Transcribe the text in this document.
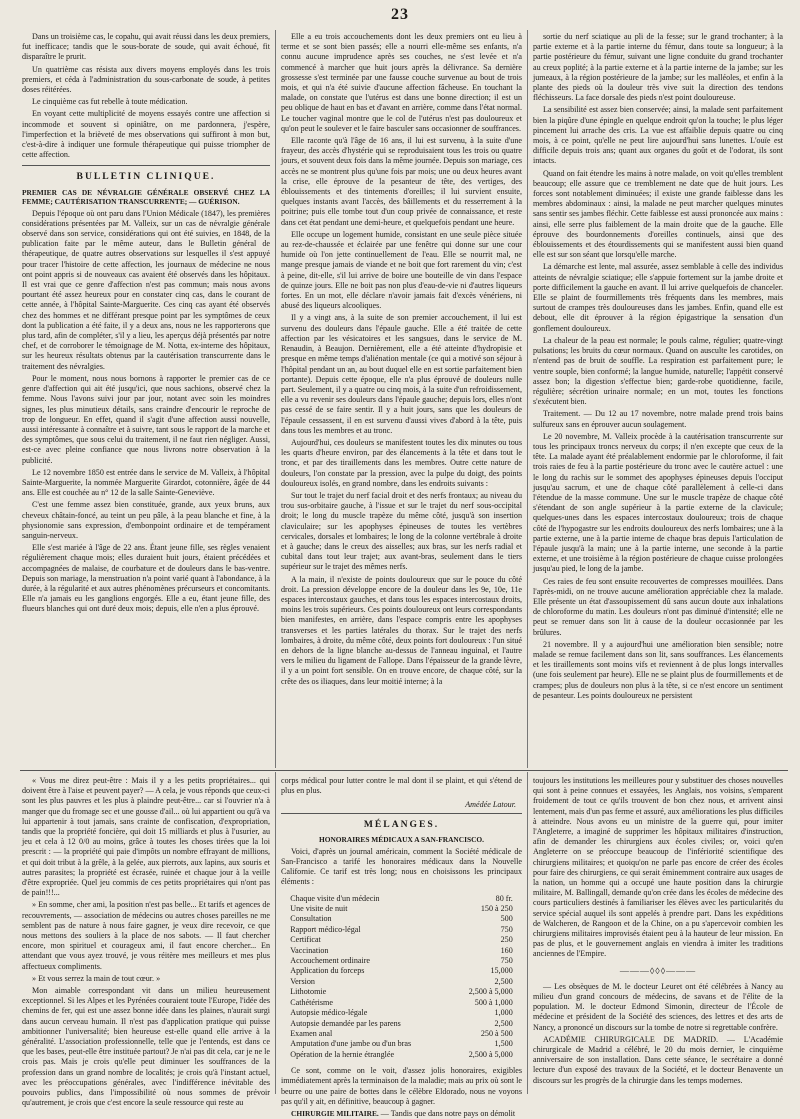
23

Dans un troisième cas, le copahu, qui avait réussi dans les deux premiers, fut inefficace; tandis que le sous-borate de soude, qui avait échoué, fit disparaître le prurit.

Un quatrième cas résista aux divers moyens employés dans les trois premiers, et céda à l'administration du sous-carbonate de soude, à petites doses réitérées.

Le cinquième cas fut rebelle à toute médication.

En voyant cette multiplicité de moyens essayés contre une affection si incommode et souvent si opiniâtre, on me pardonnera, j'espère, l'imperfection et la brièveté de mes observations qui suffiront à mon but, c'est-à-dire à indiquer une formule thérapeutique qui puisse triompher de cette affection.

BULLETIN CLINIQUE.
PREMIER CAS DE NÉVRALGIE GÉNÉRALE OBSERVÉ CHEZ LA FEMME; CAUTÉRISATION TRANSCURRENTE; — GUÉRISON.

Depuis l'époque où ont paru dans l'Union Médicale (1847), les premières considérations présentées par M. Valleix, sur un cas de névralgie générale observé dans son service, considérations qui ont été suivies, en 1848, de la publication faite par le même auteur, dans le Bulletin général de thérapeutique, de quatre autres observations sur lesquelles il s'est appuyé pour tracer l'histoire de cette affection, les journaux de médecine ne nous ont point appris si de nouveaux cas avaient été observés dans les hôpitaux. Il est vrai que ce genre d'affection n'est pas commun; mais nous avons pourtant été assez heureux pour en constater cinq cas, dans le courant de cette année, à l'hôpital Sainte-Marguerite. Ces cinq cas ayant été observés chez des hommes et ne différant presque point par les symptômes de ceux dont la publication a été faite, il y a deux ans, nous ne les rapporterons que plus tard, afin de compléter, s'il y a lieu, les aperçus déjà présentés par notre chef, et de corroborer le témoignage de M. Notta, ex-interne des hôpitaux, sur les heureux résultats obtenus par la cautérisation transcurrente dans le traitement des névralgies.

Pour le moment, nous nous bornons à rapporter le premier cas de ce genre d'affection qui ait été jusqu'ici, que nous sachions, observé chez la femme. Nous l'avons suivi jour par jour, notant avec soin les moindres signes, les plus minutieux détails, sans craindre d'encourir le reproche de trop de longueur. En effet, quand il s'agit d'une affection aussi nouvelle, aussi intéressante à connaître et à suivre, tant sous le rapport de la marche et des symptômes, que sous celui du traitement, il ne faut rien négliger. Aussi, est-ce avec pleine confiance que nous livrons notre observation à la publicité.

Le 12 novembre 1850 est entrée dans le service de M. Valleix, à l'hôpital Sainte-Marguerite, la nommée Marguerite Girardot, cotonnière, âgée de 44 ans. Elle est couchée au n° 12 de la salle Sainte-Geneviève.

C'est une femme assez bien constituée, grande, aux yeux bruns, aux cheveux châtain-foncé, au teint un peu pâle, à la peau blanche et fine, à la physionomie sans expression, d'embonpoint ordinaire et de tempérament sanguin-nerveux.

Elle s'est mariée à l'âge de 22 ans. Étant jeune fille, ses règles venaient régulièrement chaque mois; elles duraient huit jours, étaient précédées et accompagnées de malaise, de courbature et de douleurs dans le bas-ventre. Depuis son mariage, la menstruation n'a point varié quant à l'abondance, à la durée, à la régularité et aux autres phénomènes précurseurs et concomitants. Elle n'a jamais eu les ganglions engorgés. Elle a eu, étant jeune fille, des flueurs blanches qui ont duré deux mois; depuis, elle n'en a plus éprouvé.

Elle a eu trois accouchements dont les deux premiers ont eu lieu à terme et se sont bien passés; elle a nourri elle-même ses enfants, n'a connu aucune imprudence après ses couches, ne s'est levée et n'a commencé à marcher que huit jours après la délivrance. Sa dernière grossesse s'est terminée par une fausse couche survenue au bout de trois mois, et qui n'a été suivie d'aucune affection fâcheuse. En touchant la malade, on constate que l'utérus est dans une bonne direction; il est un peu oblique de haut en bas et d'avant en arrière, comme dans l'état normal. Le toucher vaginal montre que le col de l'utérus n'est pas douloureux et qu'on peut le soulever et le faire basculer sans occasionner de souffrances.

Elle raconte qu'à l'âge de 16 ans, il lui est survenu, à la suite d'une frayeur, des accès d'hystérie qui se reproduisaient tous les trois ou quatre jours, et souvent deux fois dans la même journée. Depuis son mariage, ces accès ne se montrent plus qu'une fois par mois; une ou deux heures avant la crise, elle éprouve de la pesanteur de tête, des vertiges, des éblouissements et des tintements d'oreilles; il lui survient ensuite, quelques instants avant l'accès, des bâillements et du resserrement à la poitrine; puis elle tombe tout d'un coup privée de connaissance, et reste dans cet état pendant une demi-heure, et quelquefois pendant une heure.

Elle occupe un logement humide, consistant en une seule pièce située au rez-de-chaussée et éclairée par une fenêtre qui donne sur une cour humide où l'on jette continuellement de l'eau. Elle se nourrit mal, ne mange presque jamais de viande et ne boit que fort rarement du vin; c'est à peine, dit-elle, s'il lui arrive de boire une bouteille de vin dans l'espace de quinze jours. Elle ne boit pas non plus d'eau-de-vie ni d'autres liqueurs fortes. En un mot, elle déclare n'avoir jamais fait d'excès vénériens, ni abusé des liqueurs alcooliques.

Il y a vingt ans, à la suite de son premier accouchement, il lui est survenu des douleurs dans l'épaule gauche. Elle a été traitée de cette affection par les vésicatoires et les sangsues, dans le service de M. Renaudin, à Beaujon. Dernièrement, elle a été atteinte d'hydropisie et presque en même temps d'aliénation mentale (ce qui a motivé son séjour à l'hôpital pendant un an, au bout duquel elle en est sortie parfaitement bien portante). Depuis cette époque, elle n'a plus éprouvé de douleurs nulle part. Seulement, il y a quatre ou cinq mois, à la suite d'un refroidissement, elle a vu revenir ses douleurs dans l'épaule gauche; depuis lors, elles n'ont pas cessé de se faire sentir. Il y a huit jours, sans que les douleurs de l'épaule cessassent, il en est survenu d'aussi vives d'abord à la tête, puis dans tous les membres et au tronc.

Aujourd'hui, ces douleurs se manifestent toutes les dix minutes ou tous les quarts d'heure environ, par des élancements à la tête et dans tout le tronc, et par des tiraillements dans les membres. Outre cette nature de douleurs, l'on constate par la pression, avec la pulpe du doigt, des points douloureux isolés, en grand nombre, dans les endroits suivants :

Sur tout le trajet du nerf facial droit et des nerfs frontaux; au niveau du trou sus-orbitaire gauche, à l'issue et sur le trajet du nerf sous-occipital droit; le long du muscle trapèze du même côté, jusqu'à son insertion claviculaire; sur les apophyses épineuses de toutes les vertèbres cervicales, dorsales et lombaires; le long de la colonne vertébrale à droite et à gauche; dans le creux des aisselles; aux bras, sur les nerfs radial et cubital dans tout leur trajet; aux avant-bras, seulement dans le tiers supérieur sur le trajet des mêmes nerfs.

A la main, il n'existe de points douloureux que sur le pouce du côté droit. La pression développe encore de la douleur dans les 9e, 10e, 11e espaces intercostaux gauches, et dans tous les espaces intercostaux droits, moins les trois supérieurs. Ces points douloureux ont leurs correspondants bien manifestes, en arrière, dans l'espace compris entre les apophyses transverses et les parties latérales du thorax. Sur le trajet des nerfs lombaires, à droite, du même côté, deux points fort douloureux : l'un situé en dehors de la ligne blanche au-dessus de l'anneau inguinal, et l'autre vers le milieu du ligament de Fallope. Dans l'épaisseur de la grande lèvre, il y a un point fort sensible. On en trouve encore, de chaque côté, sur la crête des os iliaques, dans leur moitié interne; à la

sortie du nerf sciatique au pli de la fesse; sur le grand trochanter; à la partie externe et à la partie interne du fémur, dans toute sa longueur; à la partie postérieure du fémur, suivant une ligne conduite du grand trochanter au creux poplité; à la partie externe et à la partie interne de la jambe; sur les jumeaux, à la région postérieure de la jambe; sur les malléoles, et enfin à la plante des pieds où la douleur très vive suit la direction des tendons fléchisseurs. La face dorsale des pieds n'est point douloureuse.

La sensibilité est assez bien conservée; ainsi, la malade sent parfaitement bien la piqûre d'une épingle en quelque endroit qu'on la touche; le plus léger pincement lui arrache des cris. La vue est affaiblie depuis quatre ou cinq mois, à ce point, qu'elle ne peut lire aujourd'hui sans lunettes. L'ouïe est difficile depuis trois ans; quant aux organes du goût et de l'odorat, ils sont intacts.

Quand on fait étendre les mains à notre malade, on voit qu'elles tremblent beaucoup; elle assure que ce tremblement ne date que de huit jours. Les forces sont notablement diminuées; il existe une grande faiblesse dans les membres abdominaux : ainsi, la malade ne peut marcher quelques minutes sans sentir ses jambes fléchir. Cette faiblesse est aussi prononcée aux mains : ainsi, elle serre plus faiblement de la main droite que de la gauche. Elle éprouve des bourdonnements d'oreilles continuels, ainsi que des éblouissements et des étourdissements qui se manifestent aussi bien quand elle est sur son séant que lorsqu'elle marche.

La démarche est lente, mal assurée, assez semblable à celle des individus atteints de névralgie sciatique; elle s'appuie fortement sur la jambe droite et porte difficilement la gauche en avant. Il lui arrive quelquefois de chanceler. Elle se plaint de fourmillements très fréquents dans les membres, mais surtout de crampes très douloureuses dans les jambes. Enfin, quand elle est debout, elle dit éprouver à la région épigastrique la sensation d'un gonflement douloureux.

La chaleur de la peau est normale; le pouls calme, régulier; quatre-vingt pulsations; les bruits du cœur normaux. Quand on ausculte les carotides, on n'entend pas de bruit de souffle. La respiration est parfaitement pure; le ventre souple, bien conformé; la langue humide, naturelle; l'appétit conservé assez bon; la digestion s'effectue bien; garde-robe quotidienne, facile, régulière; sécrétion urinaire normale; en un mot, toutes les fonctions s'exécutent bien.

Traitement. — Du 12 au 17 novembre, notre malade prend trois bains sulfureux sans en éprouver aucun soulagement.

Le 20 novembre, M. Valleix procède à la cautérisation transcurrente sur tous les principaux troncs nerveux du corps; il n'en excepte que ceux de la tête. La malade ayant été préalablement endormie par le chloroforme, il fait trois raies de feu à la partie postérieure du tronc avec le cautère actuel : une le long du rachis sur le sommet des apophyses épineuses depuis l'occiput jusqu'au sacrum, et une de chaque côté parallèlement à celle-ci dans l'étendue de la masse commune. Une sur le muscle trapèze de chaque côté s'étendant de son angle supérieur à la partie externe de la clavicule; quelques-unes dans les espaces intercostaux douloureux; trois de chaque côté de l'hypogastre sur les endroits douloureux des nerfs lombaires; une à la partie externe, une à la partie interne de chaque bras depuis l'articulation de l'épaule jusqu'à la main; une à la partie interne, une seconde à la partie externe, et une troisième à la région postérieure de chaque cuisse prolongées jusqu'au pied, le long de la jambe.

Ces raies de feu sont ensuite recouvertes de compresses mouillées. Dans l'après-midi, on ne trouve aucune amélioration appréciable chez la malade. Elle présente un état d'assoupissement dû sans aucun doute aux inhalations de chloroforme du matin. Les douleurs n'ont pas diminué d'intensité; elle ne peut se remuer dans son lit à cause de la douleur occasionnée par les brûlures.

21 novembre. Il y a aujourd'hui une amélioration bien sensible; notre malade se remue facilement dans son lit, sans souffrances. Les élancements et les tiraillements sont moins vifs et reviennent à de plus longs intervalles (une fois seulement par heure). Elle ne se plaint plus de fourmillements et de crampes; plus de douleurs non plus à la tête, si ce n'est encore un sentiment de pesanteur. Les points douloureux ne persistent

« Vous me direz peut-être : Mais il y a les petits propriétaires... qui doivent être à l'aise et peuvent payer? — A cela, je vous réponds que ceux-ci sont les plus pauvres et les plus à plaindre peut-être... car si l'ouvrier n'a à manger que du fromage sec et une gousse d'ail... où lui appartient ou qu'à va lui appartenir à tout jamais, sans crainte de confiscation, d'expropriation, tandis que la propriété foncière, qui doit 15 milliards et plus à l'usurier, au jeu et cela à 12 0/0 au moins, grâce à toutes les choses tirées que la loi prescrit : — la propriété qui paie d'impôts un nombre effrayant de millions, et qui doit tribut à la grêle, à la gelée, aux pierrots, aux lapins, aux souris et autres parasites; la propriété est écrasée, ruinée et chaque jour à la veille d'être expropriée. Quel jeu commis de ces petits propriétaires qui n'ont pas de pain!!!...

» En somme, cher ami, la position n'est pas belle... Et tarifs et agences de recouvrements, — association de médecins ou autres choses pareilles ne me semblent pas de nature à nous faire gagner, je veux dire recevoir, ce que nous mettons des souliers à la place de nos sabots. — Il faut chercher encore, mon spirituel et courageux ami, il faut encore chercher... En attendant que vous ayez trouvé, je vous réitère mes meilleurs et mes plus affectueux compliments.

» Et vous serrez la main de tout cœur. »

Mon aimable correspondant vit dans un milieu heureusement exceptionnel. Si les Alpes et les Pyrénées couraient toute l'Europe, l'idée des chemins de fer, qui est une assez bonne idée dans les plaines, n'aurait surgi dans aucun cerveau humain. Il n'est pas d'application pratique qui puisse ambitionner l'universalité; bien heureuse est-elle quand elle arrive à la généralité. L'association professionnelle, telle que je l'entends, est dans ce que les bases, peut-elle être instituée partout? Je n'ai pas dit cela, car je ne le crois pas. Mais je crois qu'elle peut diminuer les souffrances de la profession dans un grand nombre de localités; je crois qu'à l'instant actuel, avec les préoccupations générales, avec l'indifférence inévitable des pouvoirs publics, dans l'impossibilité où nous sommes de prévoir qu'autrement, je crois que c'est encore la seule ressource qui reste au

corps médical pour lutter contre le mal dont il se plaint, et qui s'étend de plus en plus.

Amédée Latour.
MÉLANGES.
HONORAIRES MÉDICAUX A SAN-FRANCISCO.

Voici, d'après un journal américain, comment la Société médicale de San-Francisco a tarifé les honoraires médicaux dans la Nouvelle Californie. Ce tarif est très long; nous en choisissons les principaux éléments :

Chaque visite d'un médecin	80 fr.
Une visite de nuit	150 à 250
Consultation	500
Rapport médico-légal	750
Certificat	250
Vaccination	160
Accouchement ordinaire	750
Application du forceps	15,000
Version	2,500
Lithotomie	2,500 à 5,000
Cathétérisme	500 à 1,000
Autopsie médico-légale	1,000
Autopsie demandée par les parens	2,500
Examen anal	250 à 500
Amputation d'une jambe ou d'un bras	1,500
Opération de la hernie étranglée	2,500 à 5,000

Ce sont, comme on le voit, d'assez jolis honoraires, exigibles immédiatement après la terminaison de la maladie; mais au prix où sont le beurre ou une paire de bottes dans le célèbre Eldorado, nous ne voyons pas qu'il y ait, en définitive, beaucoup à gagner.

CHIRURGIE MILITAIRE. — Tandis que dans notre pays on démolit

toujours les institutions les meilleures pour y substituer des choses nouvelles qui sont à peine connues et essayées, les Anglais, nos voisins, s'emparent froidement de tout ce qu'ils trouvent de bon chez nous, et arrivent ainsi lentement, mais d'un pas ferme et assuré, aux améliorations les plus difficiles à atteindre. Nous avons eu un ministre de la guerre qui, pour imiter l'Angleterre, a imaginé de supprimer les hôpitaux militaires d'instruction, afin de demander les chirurgiens aux écoles civiles; or, voici qu'en Angleterre on se préoccupe beaucoup de l'infériorité scientifique des chirurgiens militaires; et quoiqu'on ne parle pas encore de créer des écoles pour faire des chirurgiens, ce qui serait éminemment contraire aux usages de la nation, un homme qui a occupé une haute position dans la chirurgie militaire, M. Ballingall, demande qu'on crée dans les écoles de médecine des cours particuliers destinés à familiariser les élèves avec les particularités du service spécial auquel ils sont appelés à prendre part. Dans les expéditions de Walcheren, de Rangoon et de la Chine, on a pu s'apercevoir combien les chirurgiens militaires improvisés étaient peu à la hauteur de leur mission. En pas de plus, et le gouvernement anglais en viendra à imiter les traditions anciennes de l'Empire.

———◊◊◊———

— Les obsèques de M. le docteur Leuret ont été célébrées à Nancy au milieu d'un grand concours de médecins, de savans et de l'élite de la population. M. le docteur Edmond Simonin, directeur de l'École de médecine et président de la Société des sciences, des lettres et des arts de Nancy, a prononcé un discours sur la tombe de notre si regrettable confrère.

ACADÉMIE CHIRURGICALE DE MADRID. — L'Académie chirurgicale de Madrid a célébré, le 20 du mois dernier, le cinquième anniversaire de son installation. Dans cette séance, le secrétaire a donné lecture d'un exposé des travaux de la Société, et le docteur Benavente un discours sur les progrès de la chirurgie dans les temps modernes.
